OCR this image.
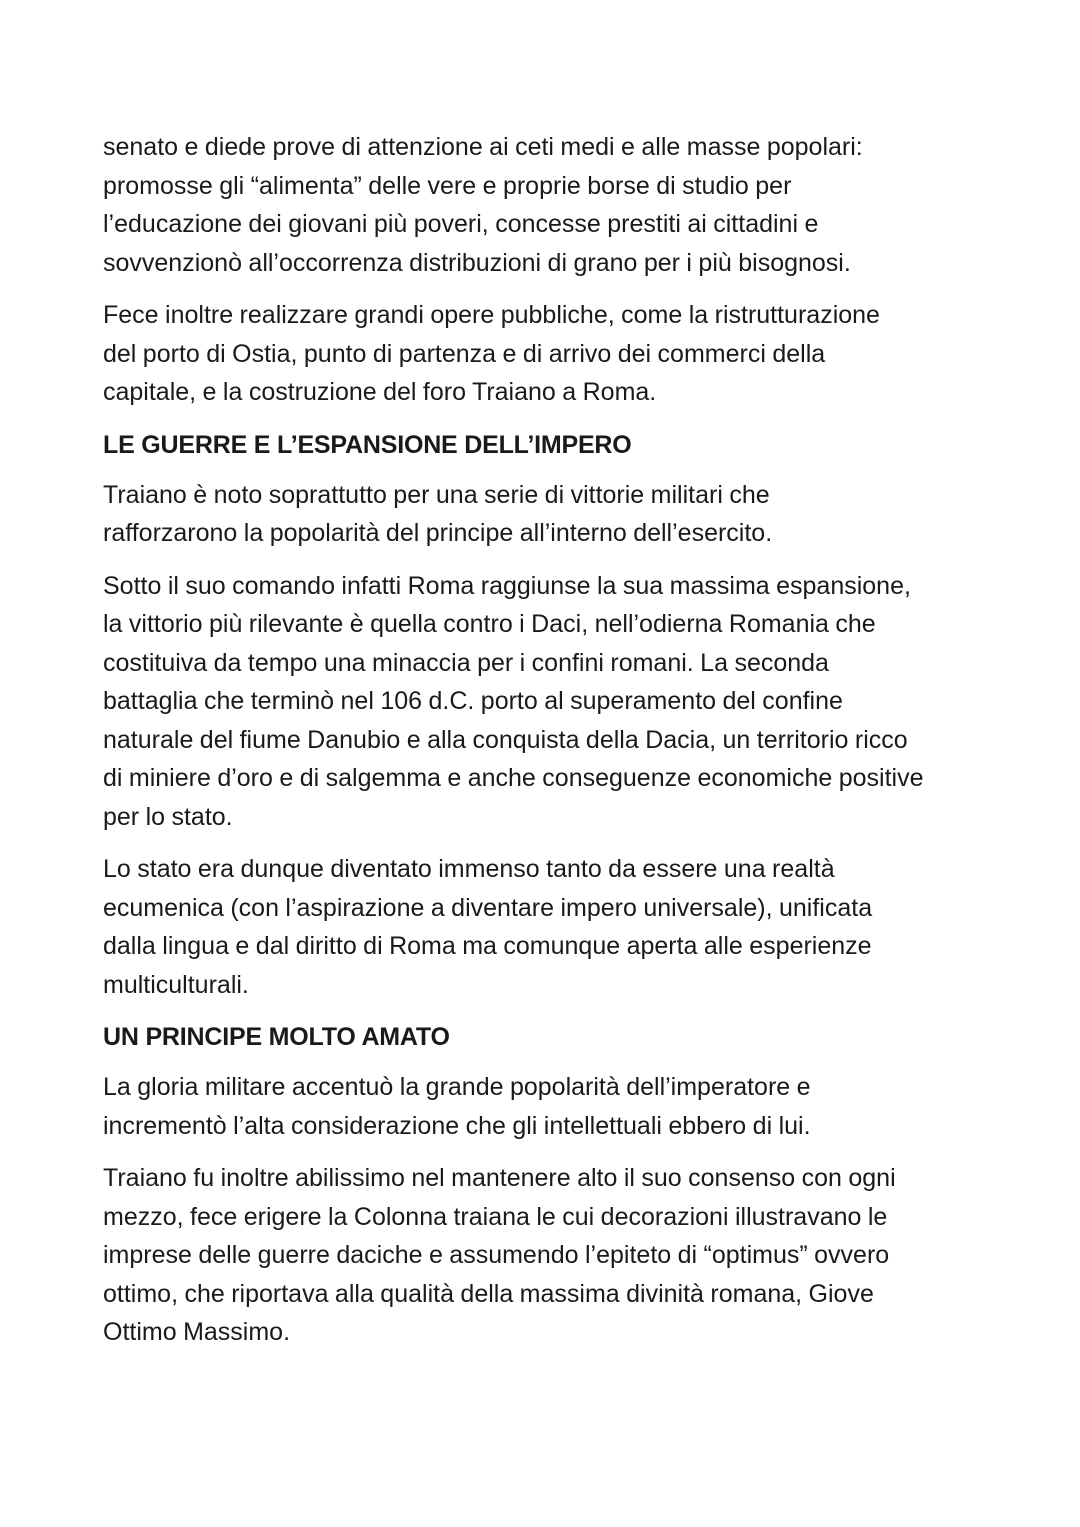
senato e diede prove di attenzione ai ceti medi e alle masse popolari:
promosse gli “alimenta” delle vere e proprie borse di studio per
l’educazione dei giovani più poveri, concesse prestiti ai cittadini e
sovvenzionò all’occorrenza distribuzioni di grano per i più bisognosi.

Fece inoltre realizzare grandi opere pubbliche, come la ristrutturazione
del porto di Ostia, punto di partenza e di arrivo dei commerci della
capitale, e la costruzione del foro Traiano a Roma.

LE GUERRE E L’ESPANSIONE DELL’IMPERO

Traiano è noto soprattutto per una serie di vittorie militari che
rafforzarono la popolarità del principe all’interno dell’esercito.

Sotto il suo comando infatti Roma raggiunse la sua massima espansione,
la vittorio più rilevante è quella contro i Daci, nell’odierna Romania che
costituiva da tempo una minaccia per i confini romani. La seconda
battaglia che terminò nel 106 d.C. porto al superamento del confine
naturale del fiume Danubio e alla conquista della Dacia, un territorio ricco
di miniere d’oro e di salgemma e anche conseguenze economiche positive
per lo stato.

Lo stato era dunque diventato immenso tanto da essere una realtà
ecumenica (con l’aspirazione a diventare impero universale), unificata
dalla lingua e dal diritto di Roma ma comunque aperta alle esperienze
multiculturali.

UN PRINCIPE MOLTO AMATO

La gloria militare accentuò la grande popolarità dell’imperatore e
incrementò l’alta considerazione che gli intellettuali ebbero di lui.

Traiano fu inoltre abilissimo nel mantenere alto il suo consenso con ogni
mezzo, fece erigere la Colonna traiana le cui decorazioni illustravano le
imprese delle guerre daciche e assumendo l’epiteto di “optimus” ovvero
ottimo, che riportava alla qualità della massima divinità romana, Giove
Ottimo Massimo.
